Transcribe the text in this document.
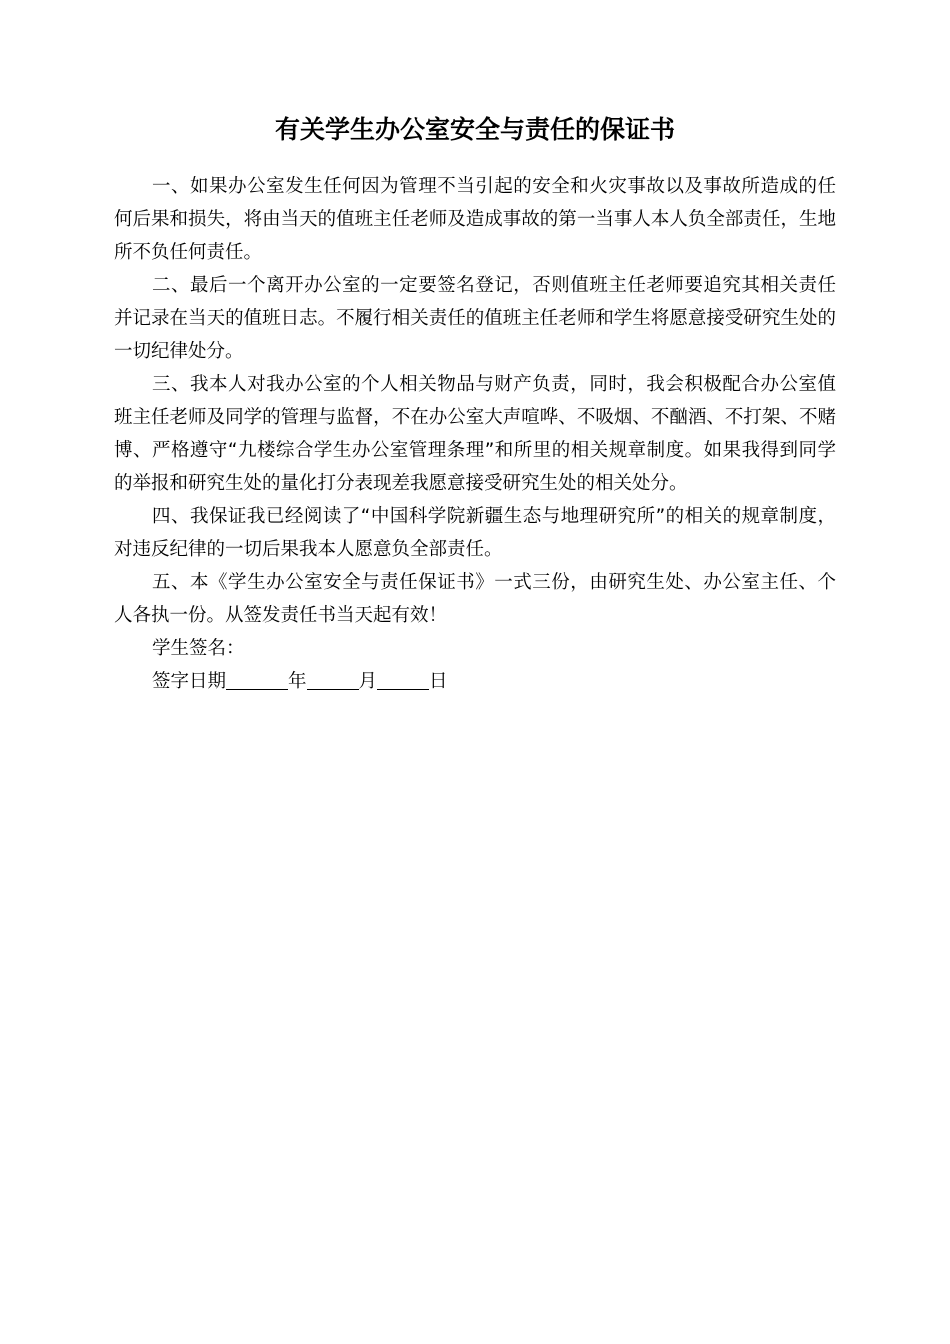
有关学生办公室安全与责任的保证书

一、如果办公室发生任何因为管理不当引起的安全和火灾事故以及事故所造成的任何后果和损失，将由当天的值班主任老师及造成事故的第一当事人本人负全部责任，生地所不负任何责任。

二、最后一个离开办公室的一定要签名登记，否则值班主任老师要追究其相关责任并记录在当天的值班日志。不履行相关责任的值班主任老师和学生将愿意接受研究生处的一切纪律处分。

三、我本人对我办公室的个人相关物品与财产负责，同时，我会积极配合办公室值班主任老师及同学的管理与监督，不在办公室大声喧哗、不吸烟、不酗酒、不打架、不赌博、严格遵守“九楼综合学生办公室管理条理”和所里的相关规章制度。如果我得到同学的举报和研究生处的量化打分表现差我愿意接受研究生处的相关处分。

四、我保证我已经阅读了“中国科学院新疆生态与地理研究所”的相关的规章制度，对违反纪律的一切后果我本人愿意负全部责任。

五、本《学生办公室安全与责任保证书》一式三份，由研究生处、办公室主任、个人各执一份。从签发责任书当天起有效！

学生签名：

签字日期	年	月	日
